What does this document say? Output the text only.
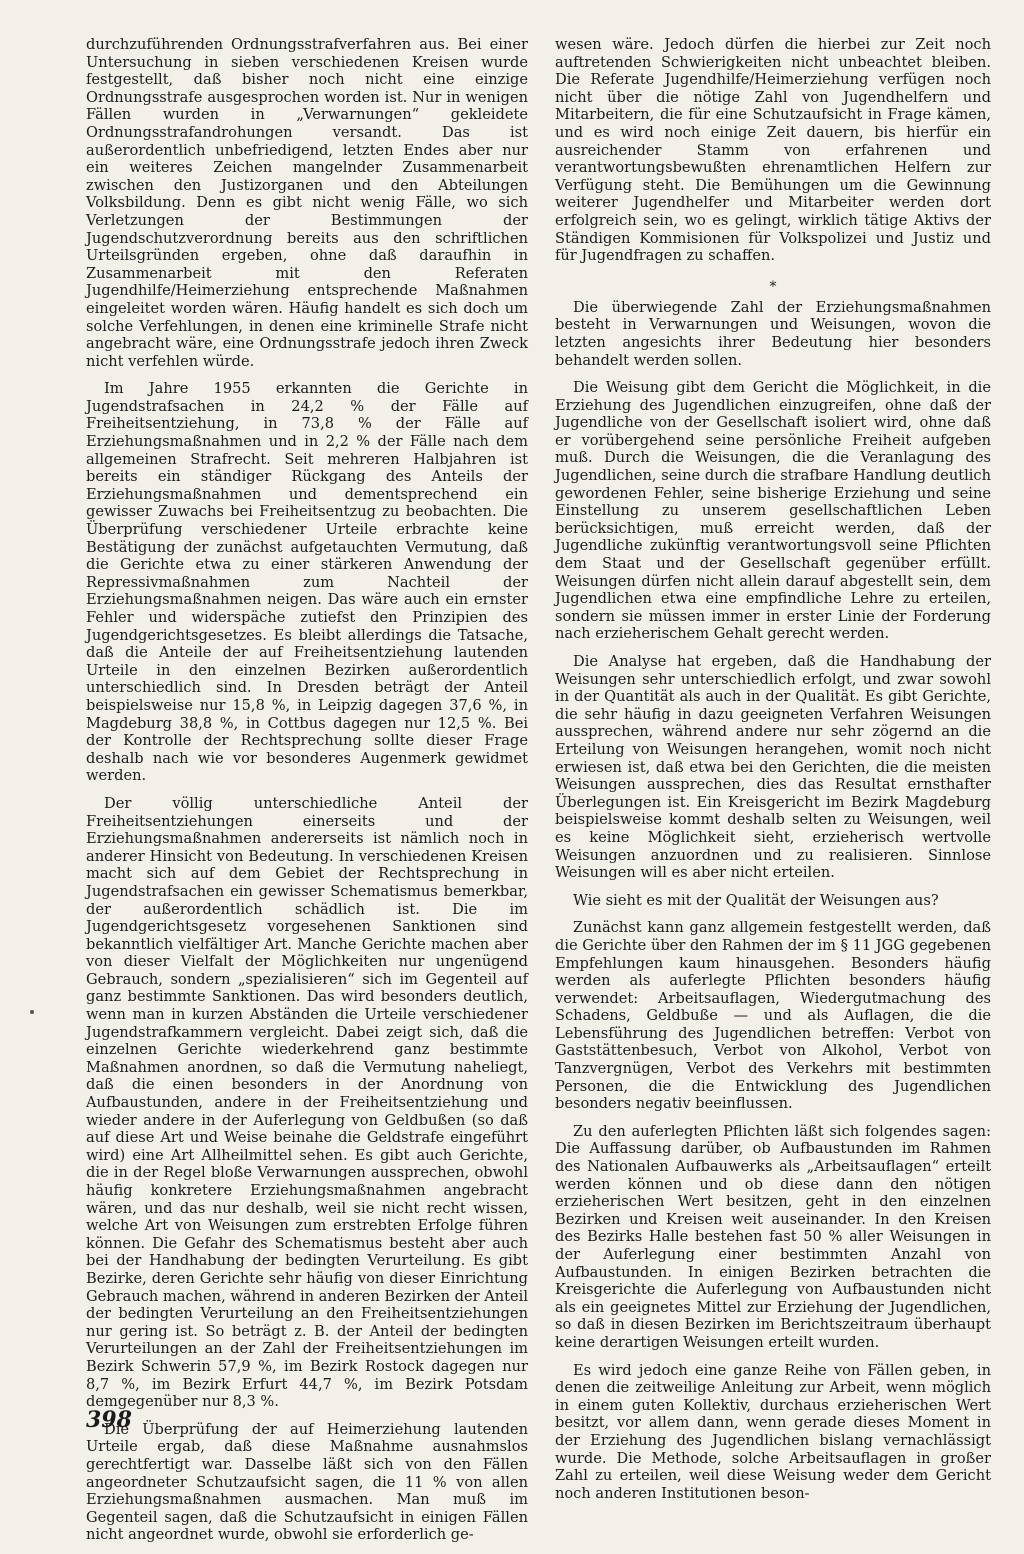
durchzuführenden Ordnungsstrafverfahren aus. Bei einer Untersuchung in sieben verschiedenen Kreisen wurde festgestellt, daß bisher noch nicht eine einzige Ordnungsstrafe ausgesprochen worden ist. Nur in wenigen Fällen wurden in „Verwarnungen“ gekleidete Ordnungsstrafandrohungen versandt. Das ist außerordentlich unbefriedigend, letzten Endes aber nur ein weiteres Zeichen mangelnder Zusammenarbeit zwischen den Justizorganen und den Abteilungen Volksbildung. Denn es gibt nicht wenig Fälle, wo sich Verletzungen der Bestimmungen der Jugendschutzverordnung bereits aus den schriftlichen Urteilsgründen ergeben, ohne daß daraufhin in Zusammenarbeit mit den Referaten Jugendhilfe/Heimerziehung entsprechende Maßnahmen eingeleitet worden wären. Häufig handelt es sich doch um solche Verfehlungen, in denen eine kriminelle Strafe nicht angebracht wäre, eine Ordnungsstrafe jedoch ihren Zweck nicht verfehlen würde.

Im Jahre 1955 erkannten die Gerichte in Jugendstrafsachen in 24,2 % der Fälle auf Freiheitsentziehung, in 73,8 % der Fälle auf Erziehungsmaßnahmen und in 2,2 % der Fälle nach dem allgemeinen Strafrecht. Seit mehreren Halbjahren ist bereits ein ständiger Rückgang des Anteils der Erziehungsmaßnahmen und dementsprechend ein gewisser Zuwachs bei Freiheitsentzug zu beobachten. Die Überprüfung verschiedener Urteile erbrachte keine Bestätigung der zunächst aufgetauchten Vermutung, daß die Gerichte etwa zu einer stärkeren Anwendung der Repressivmaßnahmen zum Nachteil der Erziehungsmaßnahmen neigen. Das wäre auch ein ernster Fehler und widerspäche zutiefst den Prinzipien des Jugendgerichtsgesetzes. Es bleibt allerdings die Tatsache, daß die Anteile der auf Freiheitsentziehung lautenden Urteile in den einzelnen Bezirken außerordentlich unterschiedlich sind. In Dresden beträgt der Anteil beispielsweise nur 15,8 %, in Leipzig dagegen 37,6 %, in Magdeburg 38,8 %, in Cottbus dagegen nur 12,5 %. Bei der Kontrolle der Rechtsprechung sollte dieser Frage deshalb nach wie vor besonderes Augenmerk gewidmet werden.

Der völlig unterschiedliche Anteil der Freiheitsentziehungen einerseits und der Erziehungsmaßnahmen andererseits ist nämlich noch in anderer Hinsicht von Bedeutung. In verschiedenen Kreisen macht sich auf dem Gebiet der Rechtsprechung in Jugendstrafsachen ein gewisser Schematismus bemerkbar, der außerordentlich schädlich ist. Die im Jugendgerichtsgesetz vorgesehenen Sanktionen sind bekanntlich vielfältiger Art. Manche Gerichte machen aber von dieser Vielfalt der Möglichkeiten nur ungenügend Gebrauch, sondern „spezialisieren“ sich im Gegenteil auf ganz bestimmte Sanktionen. Das wird besonders deutlich, wenn man in kurzen Abständen die Urteile verschiedener Jugendstrafkammern vergleicht. Dabei zeigt sich, daß die einzelnen Gerichte wiederkehrend ganz bestimmte Maßnahmen anordnen, so daß die Vermutung naheliegt, daß die einen besonders in der Anordnung von Aufbaustunden, andere in der Freiheitsentziehung und wieder andere in der Auferlegung von Geldbußen (so daß auf diese Art und Weise beinahe die Geldstrafe eingeführt wird) eine Art Allheilmittel sehen. Es gibt auch Gerichte, die in der Regel bloße Verwarnungen aussprechen, obwohl häufig konkretere Erziehungsmaßnahmen angebracht wären, und das nur deshalb, weil sie nicht recht wissen, welche Art von Weisungen zum erstrebten Erfolge führen können. Die Gefahr des Schematismus besteht aber auch bei der Handhabung der bedingten Verurteilung. Es gibt Bezirke, deren Gerichte sehr häufig von dieser Einrichtung Gebrauch machen, während in anderen Bezirken der Anteil der bedingten Verurteilung an den Freiheitsentziehungen nur gering ist. So beträgt z. B. der Anteil der bedingten Verurteilungen an der Zahl der Freiheitsentziehungen im Bezirk Schwerin 57,9 %, im Bezirk Rostock dagegen nur 8,7 %, im Bezirk Erfurt 44,7 %, im Bezirk Potsdam demgegenüber nur 8,3 %.

Die Überprüfung der auf Heimerziehung lautenden Urteile ergab, daß diese Maßnahme ausnahmslos gerechtfertigt war. Dasselbe läßt sich von den Fällen angeordneter Schutzaufsicht sagen, die 11 % von allen Erziehungsmaßnahmen ausmachen. Man muß im Gegenteil sagen, daß die Schutzaufsicht in einigen Fällen nicht angeordnet wurde, obwohl sie erforderlich ge-

wesen wäre. Jedoch dürfen die hierbei zur Zeit noch auftretenden Schwierigkeiten nicht unbeachtet bleiben. Die Referate Jugendhilfe/Heimerziehung verfügen noch nicht über die nötige Zahl von Jugendhelfern und Mitarbeitern, die für eine Schutzaufsicht in Frage kämen, und es wird noch einige Zeit dauern, bis hierfür ein ausreichender Stamm von erfahrenen und verantwortungsbewußten ehrenamtlichen Helfern zur Verfügung steht. Die Bemühungen um die Gewinnung weiterer Jugendhelfer und Mitarbeiter werden dort erfolgreich sein, wo es gelingt, wirklich tätige Aktivs der Ständigen Kommisionen für Volkspolizei und Justiz und für Jugendfragen zu schaffen.

*

Die überwiegende Zahl der Erziehungsmaßnahmen besteht in Verwarnungen und Weisungen, wovon die letzten angesichts ihrer Bedeutung hier besonders behandelt werden sollen.

Die Weisung gibt dem Gericht die Möglichkeit, in die Erziehung des Jugendlichen einzugreifen, ohne daß der Jugendliche von der Gesellschaft isoliert wird, ohne daß er vorübergehend seine persönliche Freiheit aufgeben muß. Durch die Weisungen, die die Veranlagung des Jugendlichen, seine durch die strafbare Handlung deutlich gewordenen Fehler, seine bisherige Erziehung und seine Einstellung zu unserem gesellschaftlichen Leben berücksichtigen, muß erreicht werden, daß der Jugendliche zukünftig verantwortungsvoll seine Pflichten dem Staat und der Gesellschaft gegenüber erfüllt. Weisungen dürfen nicht allein darauf abgestellt sein, dem Jugendlichen etwa eine empfindliche Lehre zu erteilen, sondern sie müssen immer in erster Linie der Forderung nach erzieherischem Gehalt gerecht werden.

Die Analyse hat ergeben, daß die Handhabung der Weisungen sehr unterschiedlich erfolgt, und zwar sowohl in der Quantität als auch in der Qualität. Es gibt Gerichte, die sehr häufig in dazu geeigneten Verfahren Weisungen aussprechen, während andere nur sehr zögernd an die Erteilung von Weisungen herangehen, womit noch nicht erwiesen ist, daß etwa bei den Gerichten, die die meisten Weisungen aussprechen, dies das Resultat ernsthafter Überlegungen ist. Ein Kreisgericht im Bezirk Magdeburg beispielsweise kommt deshalb selten zu Weisungen, weil es keine Möglichkeit sieht, erzieherisch wertvolle Weisungen anzuordnen und zu realisieren. Sinnlose Weisungen will es aber nicht erteilen.

Wie sieht es mit der Qualität der Weisungen aus?

Zunächst kann ganz allgemein festgestellt werden, daß die Gerichte über den Rahmen der im § 11 JGG gegebenen Empfehlungen kaum hinausgehen. Besonders häufig werden als auferlegte Pflichten besonders häufig verwendet: Arbeitsauflagen, Wiedergutmachung des Schadens, Geldbuße — und als Auflagen, die die Lebensführung des Jugendlichen betreffen: Verbot von Gaststättenbesuch, Verbot von Alkohol, Verbot von Tanzvergnügen, Verbot des Verkehrs mit bestimmten Personen, die die Entwicklung des Jugendlichen besonders negativ beeinflussen.

Zu den auferlegten Pflichten läßt sich folgendes sagen: Die Auffassung darüber, ob Aufbaustunden im Rahmen des Nationalen Aufbauwerks als „Arbeitsauflagen“ erteilt werden können und ob diese dann den nötigen erzieherischen Wert besitzen, geht in den einzelnen Bezirken und Kreisen weit auseinander. In den Kreisen des Bezirks Halle bestehen fast 50 % aller Weisungen in der Auferlegung einer bestimmten Anzahl von Aufbaustunden. In einigen Bezirken betrachten die Kreisgerichte die Auferlegung von Aufbaustunden nicht als ein geeignetes Mittel zur Erziehung der Jugendlichen, so daß in diesen Bezirken im Berichtszeitraum überhaupt keine derartigen Weisungen erteilt wurden.

Es wird jedoch eine ganze Reihe von Fällen geben, in denen die zeitweilige Anleitung zur Arbeit, wenn möglich in einem guten Kollektiv, durchaus erzieherischen Wert besitzt, vor allem dann, wenn gerade dieses Moment in der Erziehung des Jugendlichen bislang vernachlässigt wurde. Die Methode, solche Arbeitsauflagen in großer Zahl zu erteilen, weil diese Weisung weder dem Gericht noch anderen Institutionen beson-

398
